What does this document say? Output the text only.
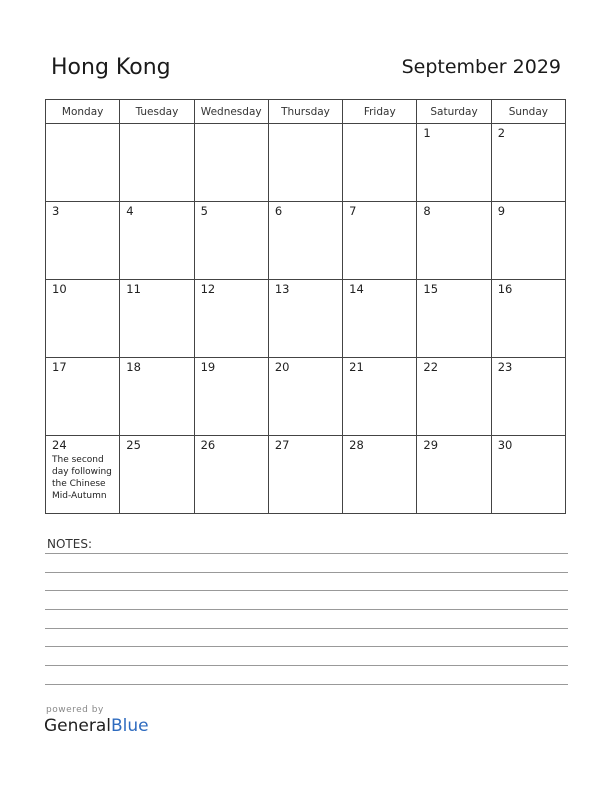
Hong Kong	September 2029
Monday	Tuesday	Wednesday	Thursday	Friday	Saturday	Sunday

					1	2

3	4	5	6	7	8	9

10	11	12	13	14	15	16

17	18	19	20	21	22	23

24
The second day following the Chinese Mid-Autumn	25	26	27	28	29	30
NOTES:
powered by
GeneralBlue
